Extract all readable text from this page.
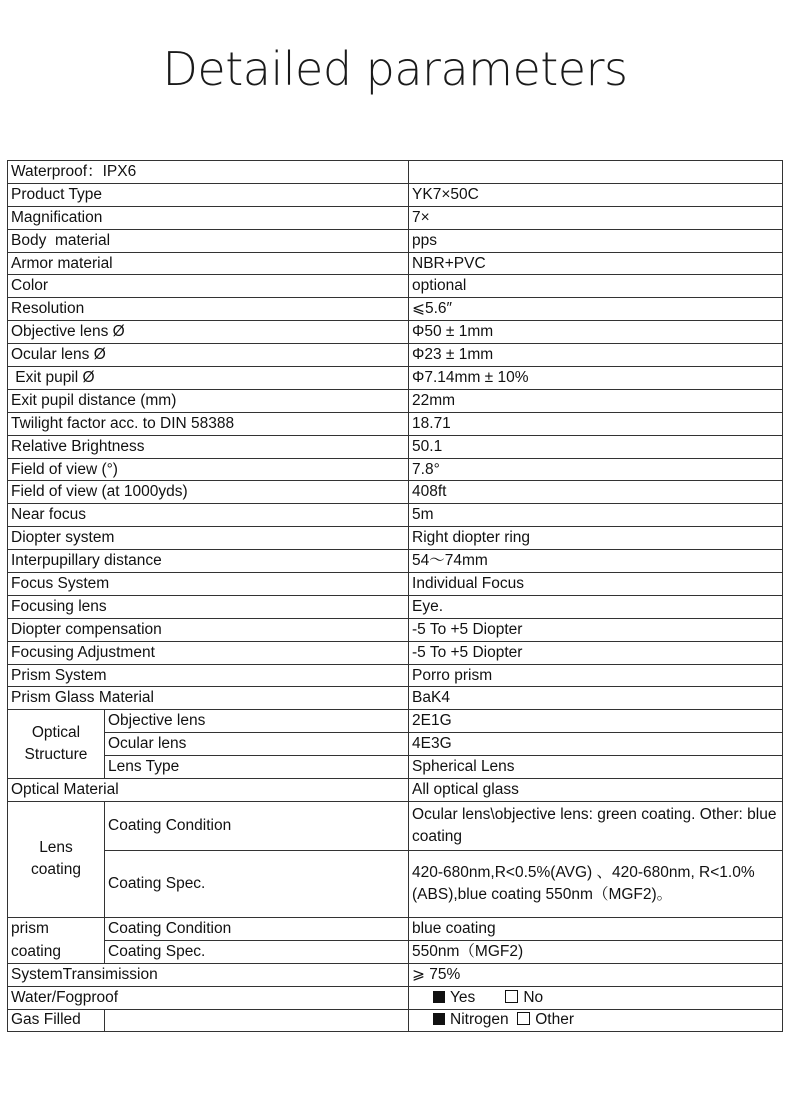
Detailed parameters
Waterproof：IPX6		
Product Type		YK7×50C
Magnification		7×
Body  material		pps
Armor material		NBR+PVC
Color		optional
Resolution		⩽5.6″
Objective lens Ø		Φ50 ± 1mm
Ocular lens Ø		Φ23 ± 1mm
Exit pupil Ø		Φ7.14mm ± 10%
Exit pupil distance (mm)		22mm
Twilight factor acc. to DIN 58388		18.71
Relative Brightness		50.1
Field of view (°)		7.8°
Field of view (at 1000yds)		408ft
Near focus		5m
Diopter system		Right diopter ring
Interpupillary distance		54～74mm
Focus System		Individual Focus
Focusing lens		Eye.
Diopter compensation		-5 To +5 Diopter
Focusing Adjustment		-5 To +5 Diopter
Prism System		Porro prism
Prism Glass Material		BaK4
Optical Structure	Objective lens	2E1G
	Ocular lens	4E3G
	Lens Type	Spherical Lens
Optical Material		All optical glass
Lens coating	Coating Condition	Ocular lens\objective lens: green coating. Other: blue coating
	Coating Spec.	420-680nm,R<0.5%(AVG) 、420-680nm, R<1.0%(ABS),blue coating 550nm（MGF2)。
prism	Coating Condition	blue coating
coating	Coating Spec.	550nm（MGF2)
SystemTransimission		⩾ 75%
Water/Fogproof		Yes No
Gas Filled		Nitrogen Other
